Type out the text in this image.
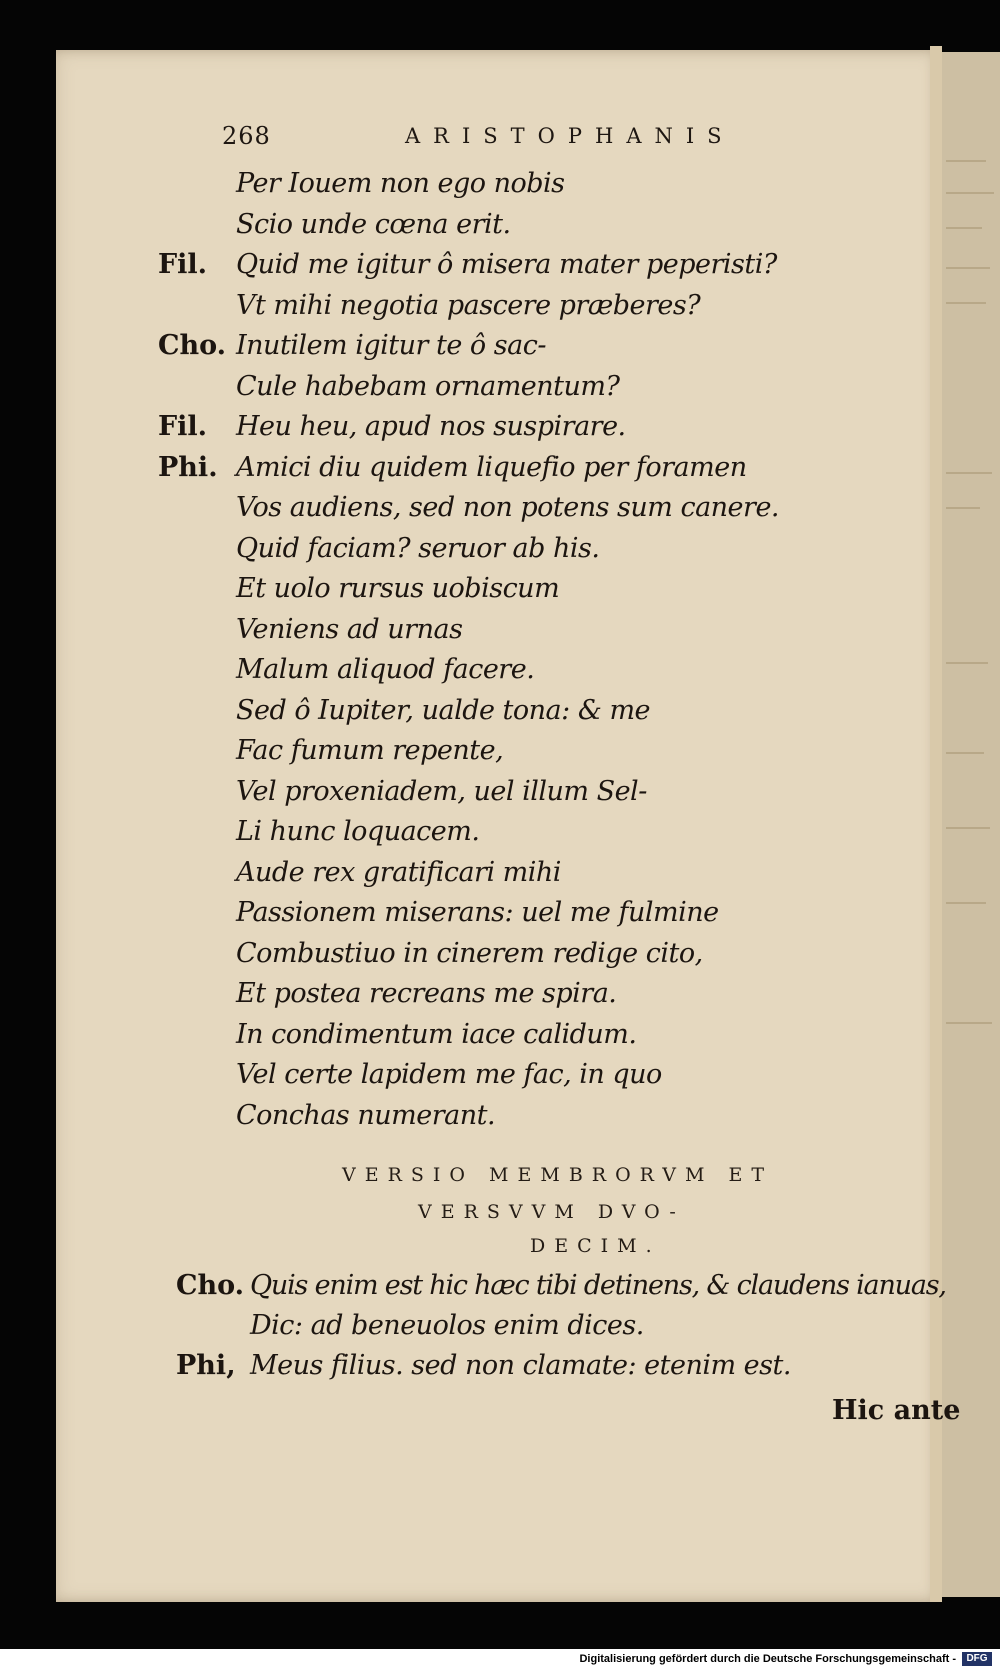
268	ARISTOPHANIS
Per Iouem non ego nobis
Scio unde cœna erit.
Fil. Quid me igitur ô misera mater peperisti?
Vt mihi negotia pascere præberes?
Cho. Inutilem igitur te ô sac-
Cule habebam ornamentum?
Fil. Heu heu, apud nos suspirare.
Phi. Amici diu quidem liquefio per foramen
Vos audiens, sed non potens sum canere.
Quid faciam? seruor ab his.
Et uolo rursus uobiscum
Veniens ad urnas
Malum aliquod facere.
Sed ô Iupiter, ualde tona: & me
Fac fumum repente,
Vel proxeniadem, uel illum Sel-
Li hunc loquacem.
Aude rex gratificari mihi
Passionem miserans: uel me fulmine
Combustiuo in cinerem redige cito,
Et postea recreans me spira.
In condimentum iace calidum.
Vel certe lapidem me fac, in quo
Conchas numerant.
VERSIO MEMBRORVM ET
VERSVVM DVO-
DECIM.
Cho. Quis enim est hic hæc tibi detinens, & claudens ianuas,
Dic: ad beneuolos enim dices.
Phi, Meus filius. sed non clamate: etenim est.
Hic ante
Digitalisierung gefördert durch die Deutsche Forschungsgemeinschaft -	DFG
